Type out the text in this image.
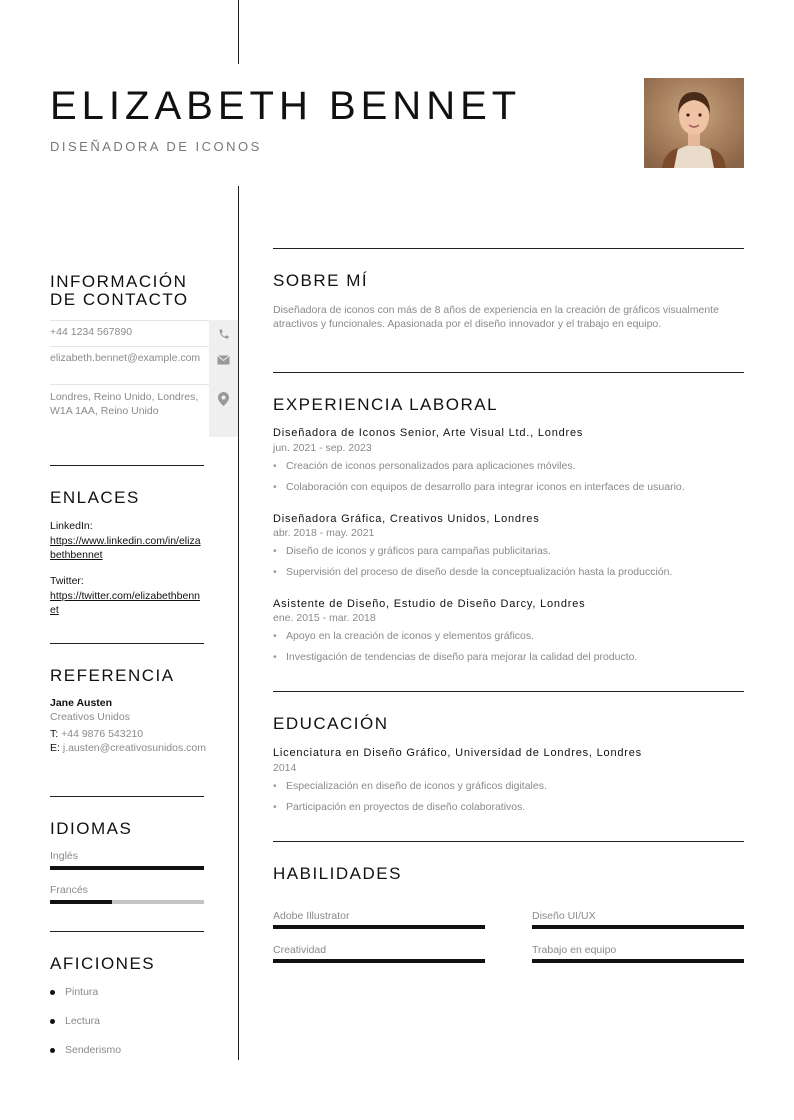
ELIZABETH BENNET
DISEÑADORA DE ICONOS
INFORMACIÓN
DE CONTACTO
+44 1234 567890
elizabeth.bennet@example.com
Londres, Reino Unido, Londres, W1A 1AA, Reino Unido
ENLACES
LinkedIn:
https://www.linkedin.com/in/elizabethbennet
Twitter:
https://twitter.com/elizabethbennet
REFERENCIA
Jane Austen
Creativos Unidos
T: +44 9876 543210
E: j.austen@creativosunidos.com
IDIOMAS
Inglés
Francés
AFICIONES
Pintura
Lectura
Senderismo
SOBRE MÍ

Diseñadora de iconos con más de 8 años de experiencia en la creación de gráficos visualmente atractivos y funcionales. Apasionada por el diseño innovador y el trabajo en equipo.

EXPERIENCIA LABORAL
Diseñadora de Iconos Senior, Arte Visual Ltd., Londres
jun. 2021 - sep. 2023
• Creación de iconos personalizados para aplicaciones móviles.
• Colaboración con equipos de desarrollo para integrar iconos en interfaces de usuario.
Diseñadora Gráfica, Creativos Unidos, Londres
abr. 2018 - may. 2021
• Diseño de iconos y gráficos para campañas publicitarias.
• Supervisión del proceso de diseño desde la conceptualización hasta la producción.
Asistente de Diseño, Estudio de Diseño Darcy, Londres
ene. 2015 - mar. 2018
• Apoyo en la creación de iconos y elementos gráficos.
• Investigación de tendencias de diseño para mejorar la calidad del producto.
EDUCACIÓN
Licenciatura en Diseño Gráfico, Universidad de Londres, Londres
2014
• Especialización en diseño de iconos y gráficos digitales.
• Participación en proyectos de diseño colaborativos.
HABILIDADES
Adobe Illustrator	Diseño UI/UX
Creatividad	Trabajo en equipo
